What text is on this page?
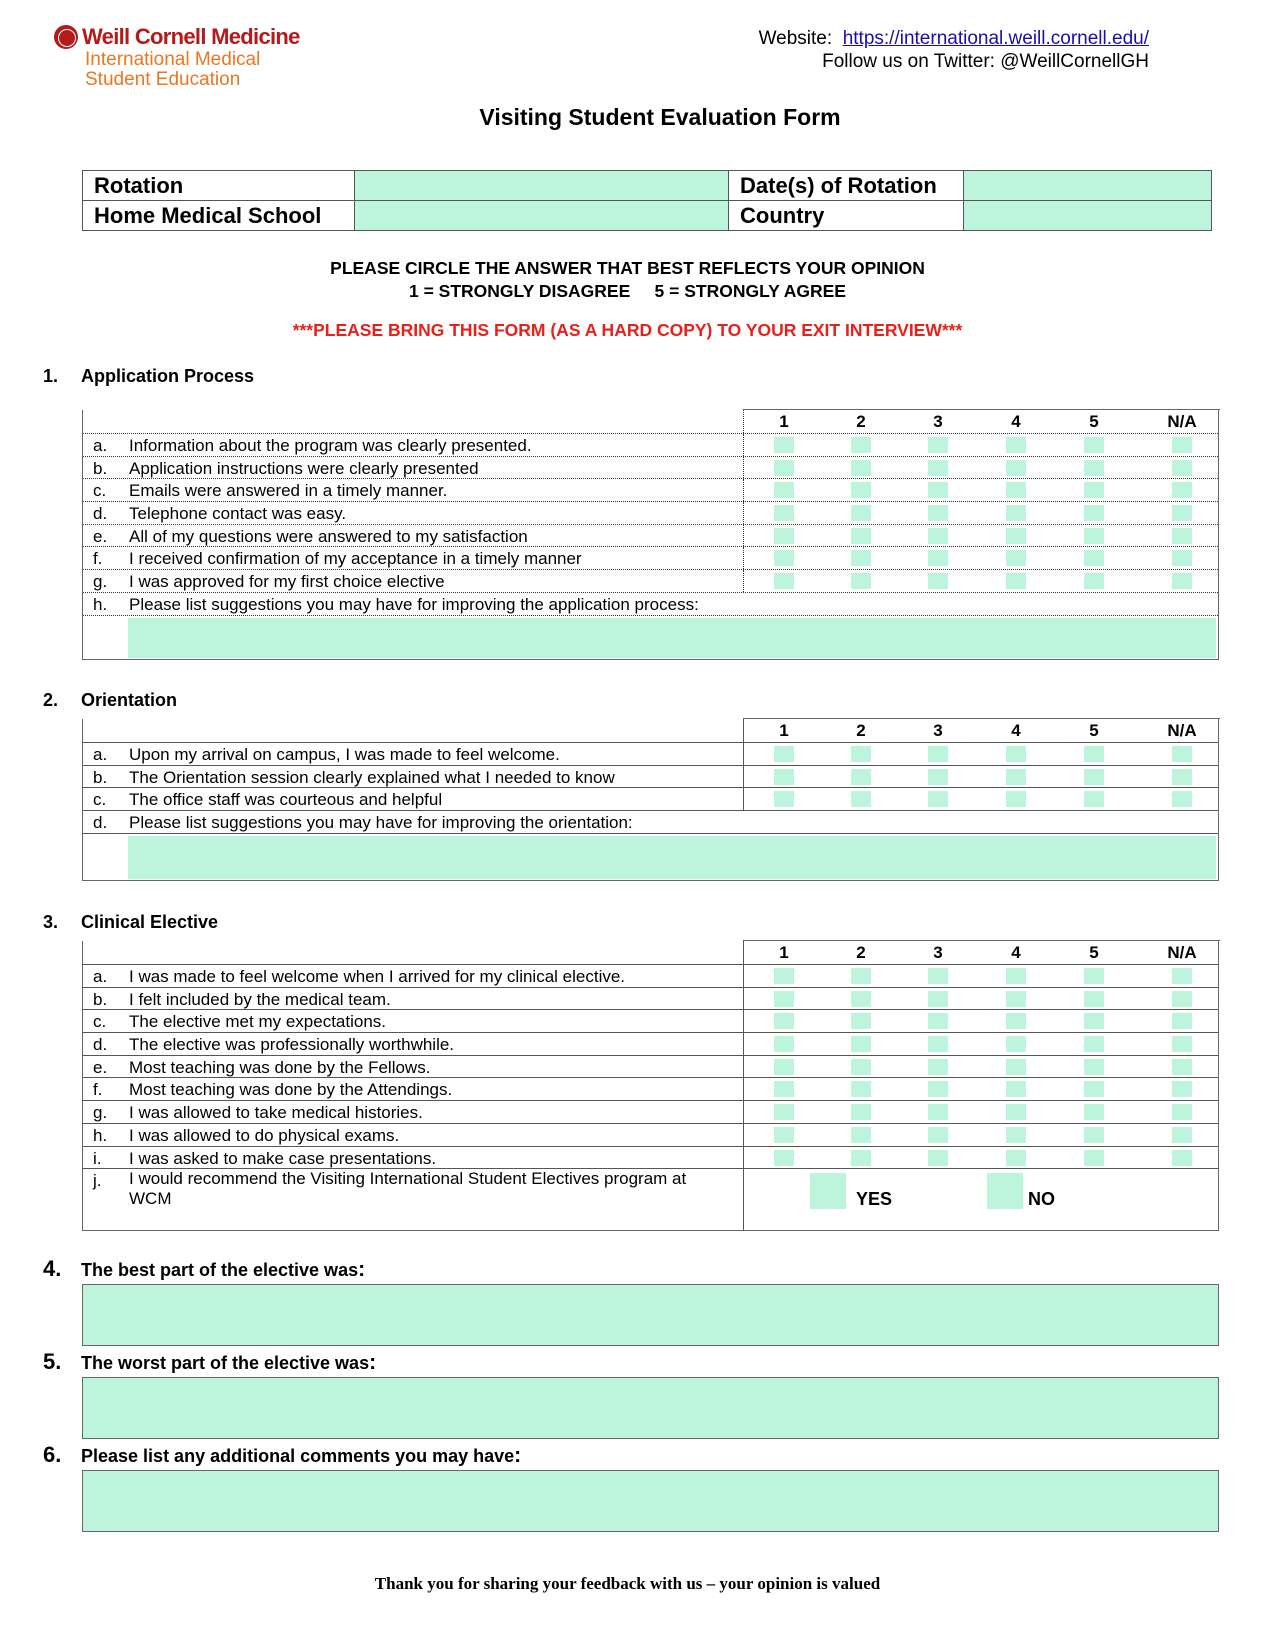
Weill Cornell Medicine
International Medical
Student Education
Website: https://international.weill.cornell.edu/
Follow us on Twitter: @WeillCornellGH
Visiting Student Evaluation Form
Rotation		Date(s) of Rotation	
Home Medical School		Country	
PLEASE CIRCLE THE ANSWER THAT BEST REFLECTS YOUR OPINION
1 = STRONGLY DISAGREE     5 = STRONGLY AGREE
***PLEASE BRING THIS FORM (AS A HARD COPY) TO YOUR EXIT INTERVIEW***
1. Application Process
1	2	3	4	5	N/A
a. Information about the program was clearly presented.
b. Application instructions were clearly presented
c. Emails were answered in a timely manner.
d. Telephone contact was easy.
e. All of my questions were answered to my satisfaction
f. I received confirmation of my acceptance in a timely manner
g. I was approved for my first choice elective
h. Please list suggestions you may have for improving the application process:
2. Orientation
1	2	3	4	5	N/A
a. Upon my arrival on campus, I was made to feel welcome.
b. The Orientation session clearly explained what I needed to know
c. The office staff was courteous and helpful
d. Please list suggestions you may have for improving the orientation:
3. Clinical Elective
1	2	3	4	5	N/A
a. I was made to feel welcome when I arrived for my clinical elective.
b. I felt included by the medical team.
c. The elective met my expectations.
d. The elective was professionally worthwhile.
e. Most teaching was done by the Fellows.
f. Most teaching was done by the Attendings.
g. I was allowed to take medical histories.
h. I was allowed to do physical exams.
i. I was asked to make case presentations.
j. I would recommend the Visiting International Student Electives program at WCM	YES	NO
4. The best part of the elective was:
5. The worst part of the elective was:
6. Please list any additional comments you may have:
Thank you for sharing your feedback with us – your opinion is valued
